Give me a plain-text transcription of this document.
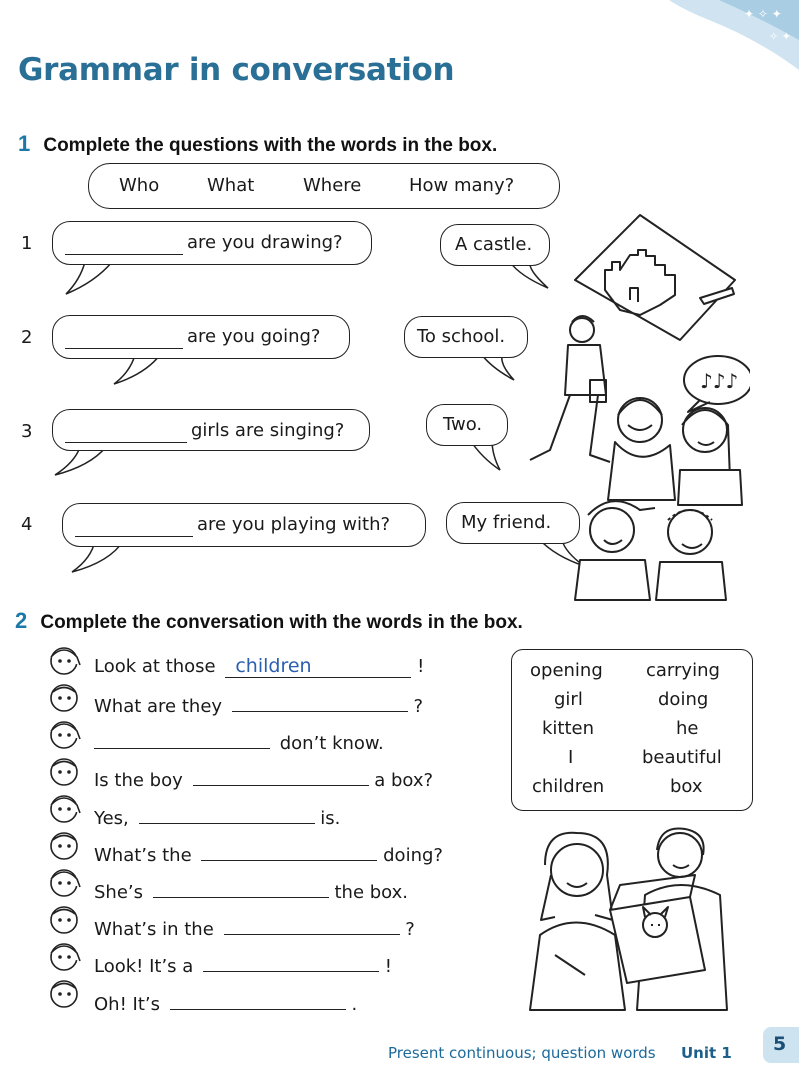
✦ ✧ ✦
✧ ✦
Grammar in conversation
1 Complete the questions with the words in the box.
Who	What	Where	How many?
1	are you drawing?	A castle.
2	are you going?	To school.
3	girls are singing?	Two.
4	are you playing with?	My friend.
♪♪♪
2 Complete the conversation with the words in the box.
Look at those children	!
What are they	?
don’t know.
Is the boy	a box?
Yes,	is.
What’s the	doing?
She’s	the box.
What’s in the	?
Look! It’s a	!
Oh! It’s	.
opening carrying
girl	doing
kitten	he
I	beautiful
children	box
Present continuous; question words Unit 1 5
